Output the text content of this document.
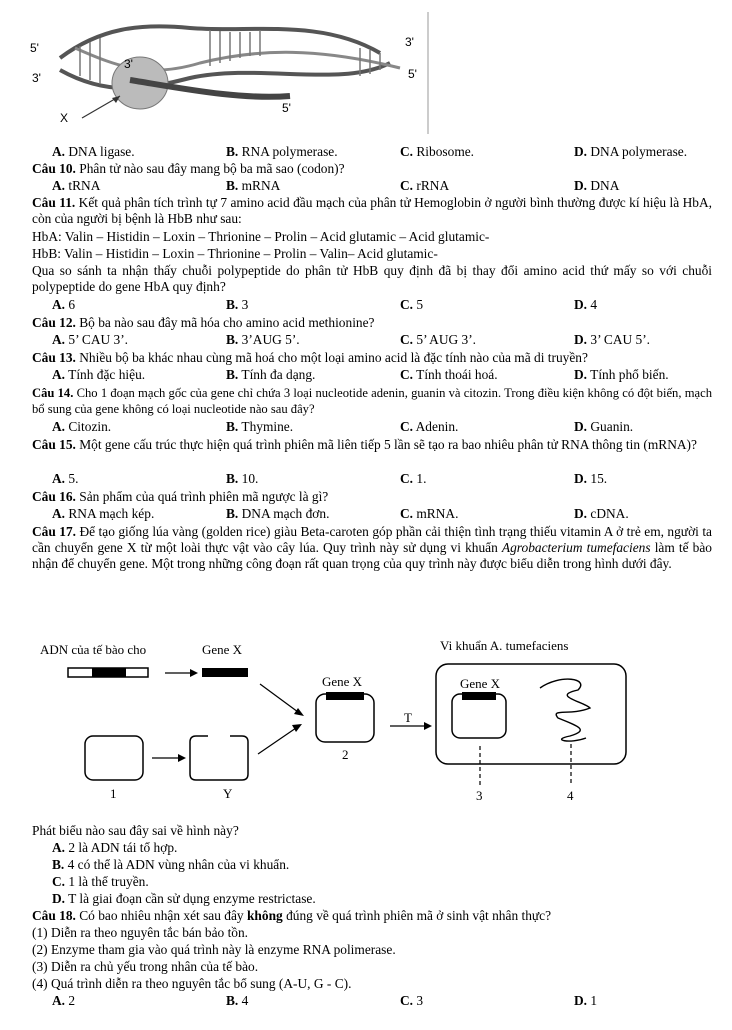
5'
3'
3'
3'
5'
5'
X
A. DNA ligase.	B. RNA polymerase.	C. Ribosome.	D. DNA polymerase.
Câu 10. Phân tử nào sau đây mang bộ ba mã sao (codon)?
A. tRNA	B. mRNA	C. rRNA	D. DNA
Câu 11. Kết quả phân tích trình tự 7 amino acid đầu mạch của phân tử Hemoglobin ở người bình thường được kí hiệu là HbA, còn của người bị bệnh là HbB như sau:
HbA: Valin – Histidin – Loxin – Thrionine – Prolin – Acid glutamic – Acid glutamic-
HbB: Valin – Histidin – Loxin – Thrionine – Prolin – Valin– Acid glutamic-
Qua so sánh ta nhận thấy chuỗi polypeptide do phân tử HbB quy định đã bị thay đổi amino acid thứ mấy so với chuỗi polypeptide do gene HbA quy định?
A. 6	B. 3	C. 5	D. 4
Câu 12. Bộ ba nào sau đây mã hóa cho amino acid methionine?
A. 5’ CAU 3’.	B. 3’AUG 5’.	C. 5’ AUG 3’.	D. 3’ CAU 5’.
Câu 13. Nhiều bộ ba khác nhau cùng mã hoá cho một loại amino acid là đặc tính nào của mã di truyền?
A. Tính đặc hiệu.	B. Tính đa dạng.	C. Tính thoái hoá.	D. Tính phổ biến.
Câu 14. Cho 1 đoạn mạch gốc của gene chỉ chứa 3 loại nucleotide adenin, guanin và citozin. Trong điều kiện không có đột biến, mạch bổ sung của gene không có loại nucleotide nào sau đây?
A. Citozin.	B. Thymine.	C. Adenin.	D. Guanin.
Câu 15. Một gene cấu trúc thực hiện quá trình phiên mã liên tiếp 5 lần sẽ tạo ra bao nhiêu phân tử RNA thông tin (mRNA)?
A. 5.	B. 10.	C. 1.	D. 15.
Câu 16. Sản phẩm của quá trình phiên mã ngược là gì?
A. RNA mạch kép.	B. DNA mạch đơn.	C. mRNA.	D. cDNA.
Câu 17. Để tạo giống lúa vàng (golden rice) giàu Beta-caroten góp phần cải thiện tình trạng thiếu vitamin A ở trẻ em, người ta cần chuyển gene X từ một loài thực vật vào cây lúa. Quy trình này sử dụng vi khuẩn Agrobacterium tumefaciens làm tế bào nhận để chuyển gene. Một trong những công đoạn rất quan trọng của quy trình này được biểu diễn trong hình dưới đây.
ADN của tế bào cho	Gene X	Vi khuẩn A. tumefaciens
Gene X
2
T
Gene X
3	4
1	Y
Phát biểu nào sau đây sai về hình này?
A. 2 là ADN tái tổ hợp.
B. 4 có thể là ADN vùng nhân của vi khuẩn.
C. 1 là thể truyền.
D. T là giai đoạn cần sử dụng enzyme restrictase.
Câu 18. Có bao nhiêu nhận xét sau đây không đúng về quá trình phiên mã ở sinh vật nhân thực?
(1) Diễn ra theo nguyên tắc bán bảo tồn.
(2) Enzyme tham gia vào quá trình này là enzyme RNA polimerase.
(3) Diễn ra chủ yếu trong nhân của tế bào.
(4) Quá trình diễn ra theo nguyên tắc bổ sung (A-U, G - C).
A. 2	B. 4	C. 3	D. 1
